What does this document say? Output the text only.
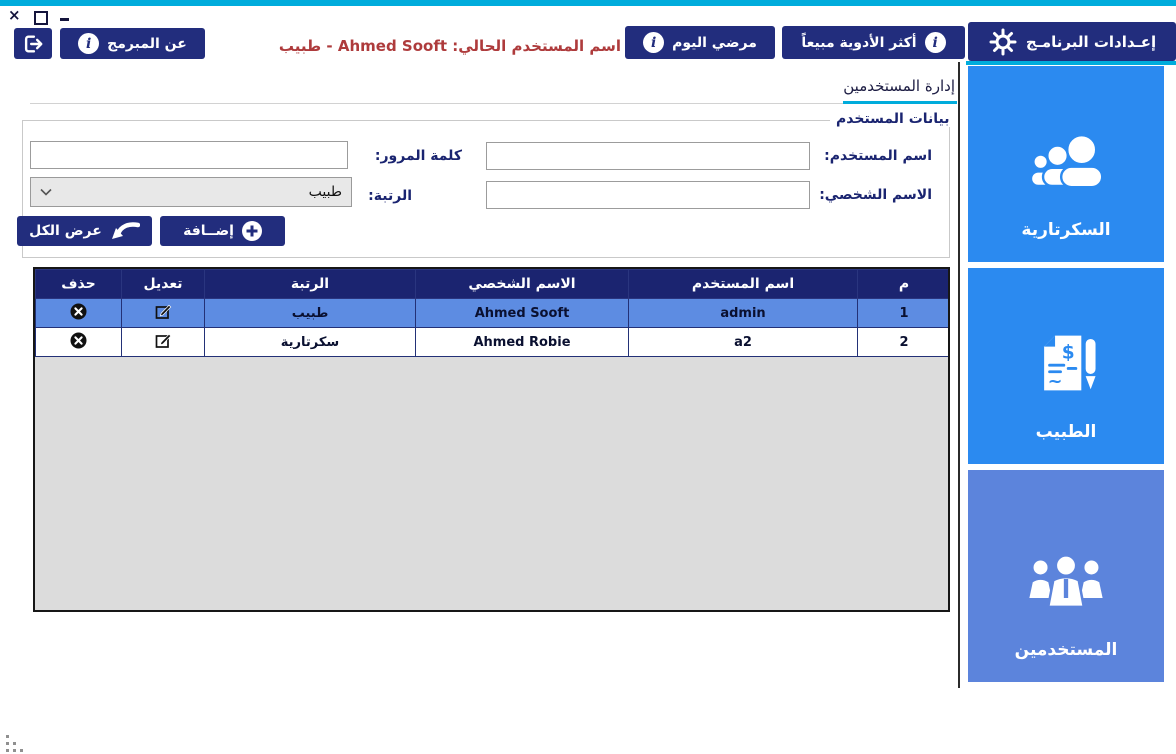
×
i	عن المبرمج	اسم المستخدم الحالي: Ahmed Sooft - طبيب	i	مرضي اليوم	أكثر الأدوية مبيعاً	i	إعـدادات البرنامـج
السكرتارية
$
~
الطبيب
المستخدمين
إدارة المستخدمين
بيانات المستخدم
اسم المستخدم:
كلمة المرور:
الاسم الشخصي:
الرتبة:
طبيب
عرض الكل	إضــافة
م	اسم المستخدم	الاسم الشخصي	الرتبة	تعديل	حذف
1	admin	Ahmed Sooft	طبيب	

2	a2	Ahmed Robie	سكرتارية	
